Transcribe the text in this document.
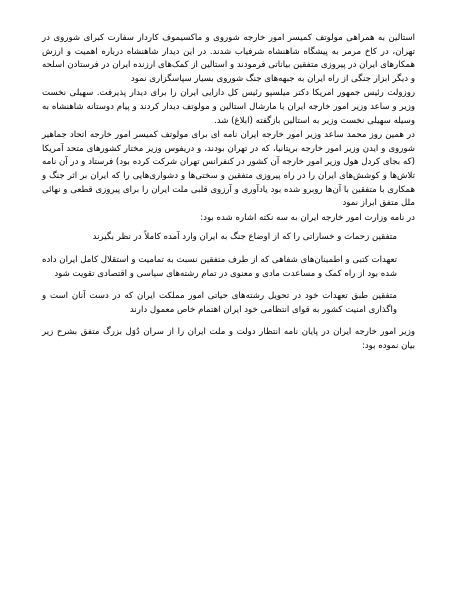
استالین به همراهی مولوتف کمیسر امور خارجه شوروی و ماکسیموف کاردار سفارت کبرای شوروی در تهران، در کاخ مرمر به پیشگاه شاهنشاه شرفیاب شدند. در این دیدار شاهنشاه درباره اهمیت و ارزش همکارهای ایران در پیروزی متفقین بیاناتی فرمودند و استالین از کمک‌های ارزنده ایران در فرستادن اسلحه و دیگر ابزار جنگی از راه ایران به جبهه‌های جنگ شوروی بسیار سپاسگزاری نمود

روزولت رئیس جمهور امریکا دکتر میلسپو رئیس کل دارایی ایران را برای دیدار پذیرفت. سهیلی نخست وزیر و ساعد وزیر امور خارجه ایران با مارشال استالین و مولوتف دیدار کردند و پیام دوستانه شاهنشاه به وسیله سهیلی نخست وزیر به استالین بازگفته (ابلاغ) شد.

در همین روز محمد ساعد وزیر امور خارجه ایران نامه ای برای مولوتف کمیسر امور خارجه اتحاد جماهیر شوروی و ایدن وزیر امور خارجه بریتانیا، که در تهران بودند، و دریفوس وزیر مختار کشورهای متحد آمریکا (که بجای کردل هول وزیر امور خارجه آن کشور در کنفرانس تهران شرکت کرده بود) فرستاد و در آن نامه تلاش‌ها و کوشش‌های ایران را در راه پیروزی متفقین و سختی‌ها و دشواری‌هایی را که ایران بر اثر جنگ و همکاری با متفقین با آن‌ها روبرو شده بود یادآوری و آرزوی قلبی ملت ایران را برای پیروزی قطعی و نهائی ملل متفق ابراز نمود

در نامه وزارت امور خارجه ایران به سه نکته اشاره شده بود:

متفقین زحمات و خساراتی را که از اوضاع جنگ به ایران وارد آمده کاملاً در نظر بگیرند

تعهدات کتبی و اطمینان‌های شفاهی که از طرف متفقین نسبت به تمامیت و استقلال کامل ایران داده شده بود از راه کمک و مساعدت مادی و معنوی در تمام رشته‌های سیاسی و اقتصادی تقویت شود

متفقین طبق تعهدات خود در تحویل رشته‌های حیاتی امور مملکت ایران که در دست آنان است و واگذاری امنیت کشور به قوای انتظامی خود ایران اهتمام خاص معمول دارند

وزیر امور خارجه ایران در پایان نامه انتظار دولت و ملت ایران را از سران دُوَل بزرگ متفق بشرح زیر بیان نموده بود:
